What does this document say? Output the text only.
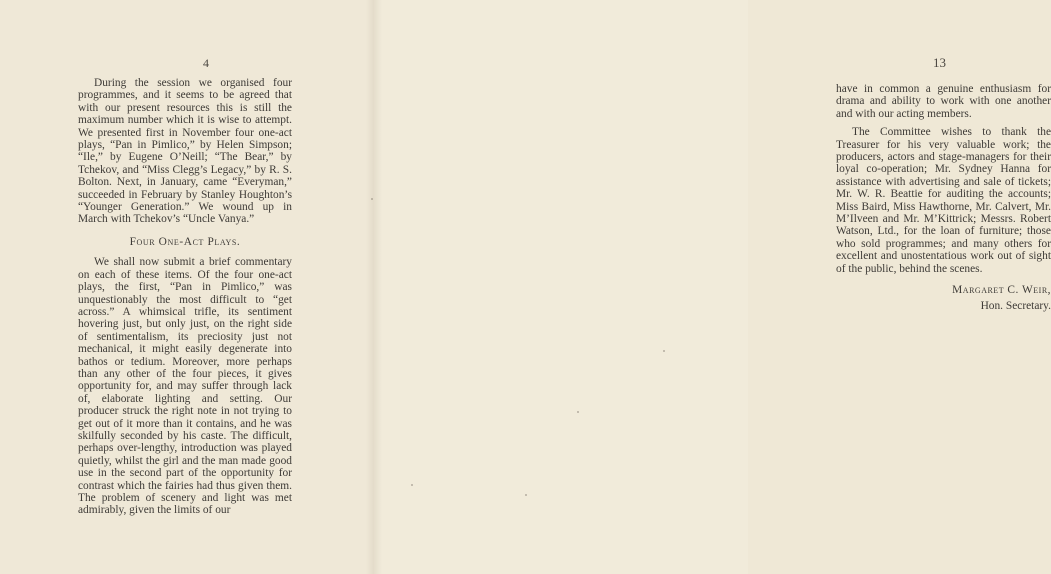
4

During the session we organised four programmes, and it seems to be agreed that with our present resources this is still the maximum number which it is wise to attempt. We presented first in November four one-act plays, “Pan in Pimlico,” by Helen Simpson; “Ile,” by Eugene O’Neill; “The Bear,” by Tchekov, and “Miss Clegg’s Legacy,” by R. S. Bolton. Next, in January, came “Everyman,” succeeded in February by Stanley Houghton’s “Younger Generation.” We wound up in March with Tchekov’s “Uncle Vanya.”

Four One-Act Plays.

We shall now submit a brief commentary on each of these items. Of the four one-act plays, the first, “Pan in Pimlico,” was unquestionably the most difficult to “get across.” A whimsical trifle, its sentiment hovering just, but only just, on the right side of sentimentalism, its preciosity just not mechanical, it might easily degenerate into bathos or tedium. Moreover, more perhaps than any other of the four pieces, it gives opportunity for, and may suffer through lack of, elaborate lighting and setting. Our producer struck the right note in not trying to get out of it more than it contains, and he was skilfully seconded by his caste. The difficult, perhaps over-lengthy, introduction was played quietly, whilst the girl and the man made good use in the second part of the opportunity for contrast which the fairies had thus given them. The problem of scenery and light was met admirably, given the limits of our

13

have in common a genuine enthusiasm for drama and ability to work with one another and with our acting members.

The Committee wishes to thank the Treasurer for his very valuable work; the producers, actors and stage-managers for their loyal co-operation; Mr. Sydney Hanna for assistance with advertising and sale of tickets; Mr. W. R. Beattie for auditing the accounts; Miss Baird, Miss Hawthorne, Mr. Calvert, Mr. M’Ilveen and Mr. M’Kittrick; Messrs. Robert Watson, Ltd., for the loan of furniture; those who sold programmes; and many others for excellent and unostentatious work out of sight of the public, behind the scenes.

Margaret C. Weir,
Hon. Secretary.
